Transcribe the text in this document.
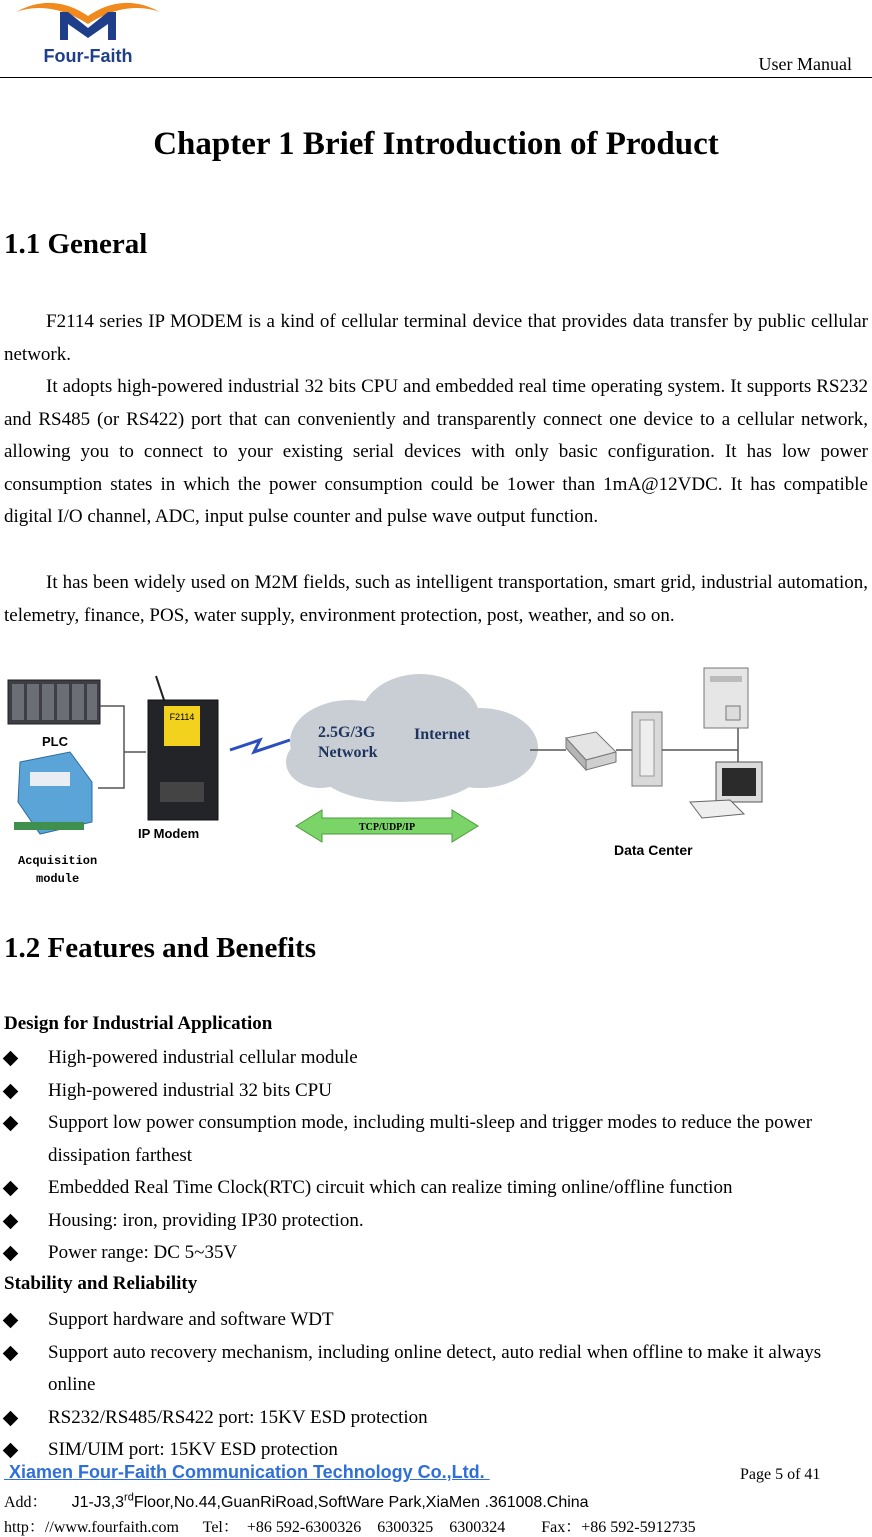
Four-Faith	User Manual
Chapter 1 Brief Introduction of Product
1.1 General
F2114 series IP MODEM is a kind of cellular terminal device that provides data transfer by public cellular network.
It adopts high-powered industrial 32 bits CPU and embedded real time operating system. It supports RS232 and RS485 (or RS422) port that can conveniently and transparently connect one device to a cellular network, allowing you to connect to your existing serial devices with only basic configuration. It has low power consumption states in which the power consumption could be 1ower than 1mA@12VDC. It has compatible digital I/O channel, ADC, input pulse counter and pulse wave output function.
It has been widely used on M2M fields, such as intelligent transportation, smart grid, industrial automation, telemetry, finance, POS, water supply, environment protection, post, weather, and so on.
PLC
Acquisition
module
F2114
IP Modem
2.5G/3G
Network
Internet
TCP/UDP/IP
Data Center
1.2 Features and Benefits
Design for Industrial Application
High-powered industrial cellular module
High-powered industrial 32 bits CPU
Support low power consumption mode, including multi-sleep and trigger modes to reduce the power dissipation farthest
Embedded Real Time Clock(RTC) circuit which can realize timing online/offline function
Housing: iron, providing IP30 protection.
Power range: DC 5~35V
Stability and Reliability
Support hardware and software WDT
Support auto recovery mechanism, including online detect, auto redial when offline to make it always online
RS232/RS485/RS422 port: 15KV ESD protection
SIM/UIM port: 15KV ESD protection
Xiamen Four-Faith Communication Technology Co.,Ltd.	Page 5 of 41
Add： J1-J3,3rdFloor,No.44,GuanRiRoad,SoftWare Park,XiaMen .361008.China
http：//www.fourfaith.com Tel：  +86 592-6300326    6300325    6300324 Fax：+86 592-5912735
